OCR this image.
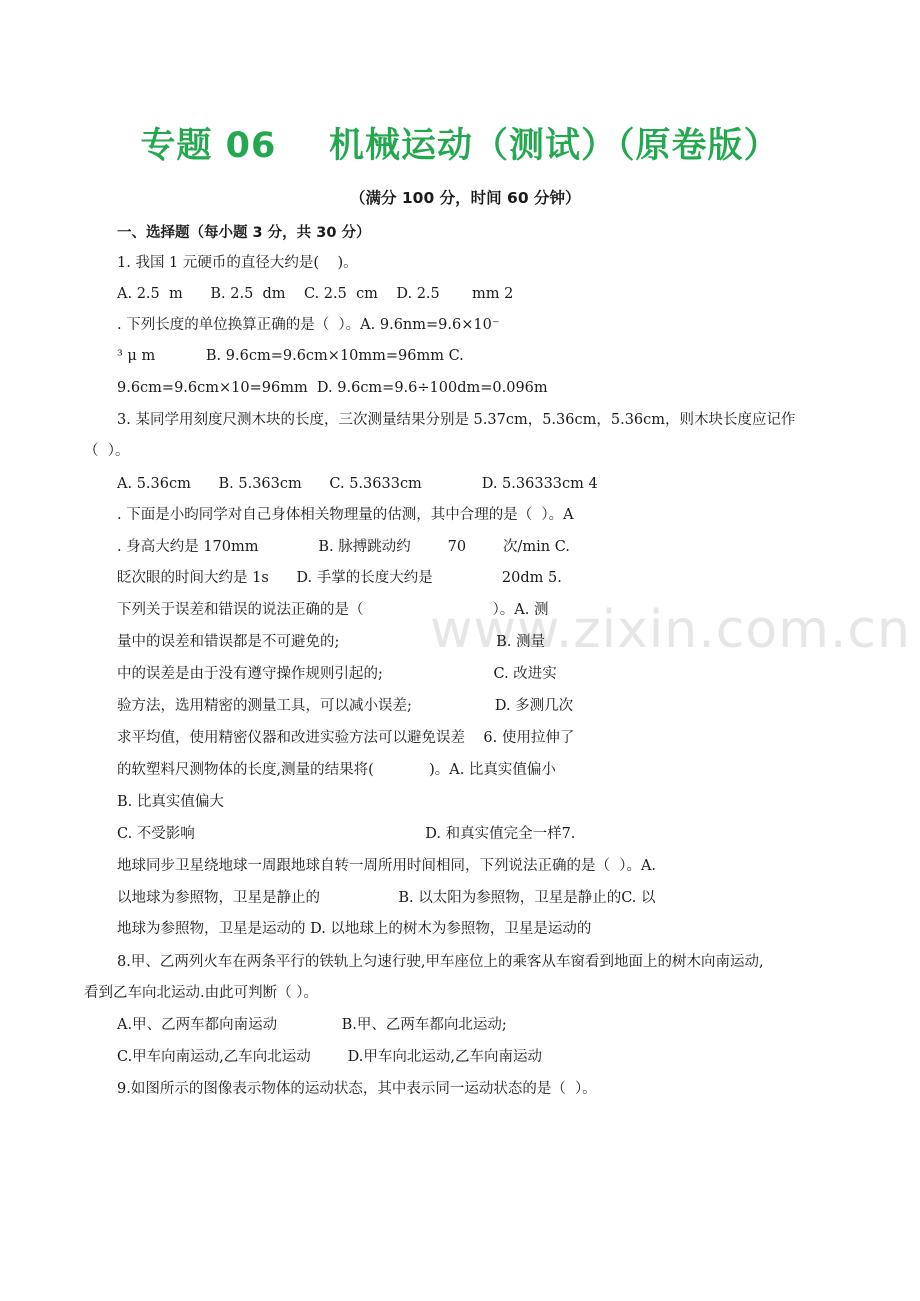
专题 06    机械运动（测试）（原卷版）
（满分 100 分，时间 60 分钟）
一、选择题（每小题 3 分，共 30 分）
www.zixin.com.cn
1. 我国 1 元硬币的直径大约是(    )。
A. 2.5  m      B. 2.5  dm    C. 2.5  cm    D. 2.5       mm 2
. 下列长度的单位换算正确的是（  ）。A. 9.6nm=9.6×10⁻
³ μ m           B. 9.6cm=9.6cm×10mm=96mm C.
9.6cm=9.6cm×10=96mm  D. 9.6cm=9.6÷100dm=0.096m
3. 某同学用刻度尺测木块的长度，三次测量结果分别是 5.37cm，5.36cm，5.36cm，则木块长度应记作
（  ）。
A. 5.36cm      B. 5.363cm      C. 5.3633cm             D. 5.36333cm 4
. 下面是小昀同学对自己身体相关物理量的估测，其中合理的是（  ）。A
. 身高大约是 170mm             B. 脉搏跳动约        70        次/min C.
眨次眼的时间大约是 1s      D. 手掌的长度大约是               20dm 5.
下列关于误差和错误的说法正确的是（                            ）。A. 测
量中的误差和错误都是不可避免的;                                  B. 测量
中的误差是由于没有遵守操作规则引起的;                        C. 改进实
验方法，选用精密的测量工具，可以减小误差;                  D. 多测几次
求平均值，使用精密仪器和改进实验方法可以避免误差    6. 使用拉伸了
的软塑料尺测物体的长度,测量的结果将(            )。A. 比真实值偏小
B. 比真实值偏大
C. 不受影响                                                  D. 和真实值完全一样7.
地球同步卫星绕地球一周跟地球自转一周所用时间相同，下列说法正确的是（  ）。A.
以地球为参照物，卫星是静止的                 B. 以太阳为参照物，卫星是静止的C. 以
地球为参照物，卫星是运动的 D. 以地球上的树木为参照物，卫星是运动的
8.甲、乙两列火车在两条平行的铁轨上匀速行驶,甲车座位上的乘客从车窗看到地面上的树木向南运动,
看到乙车向北运动.由此可判断（ ）。
A.甲、乙两车都向南运动              B.甲、乙两车都向北运动;
C.甲车向南运动,乙车向北运动        D.甲车向北运动,乙车向南运动
9.如图所示的图像表示物体的运动状态，其中表示同一运动状态的是（  ）。
